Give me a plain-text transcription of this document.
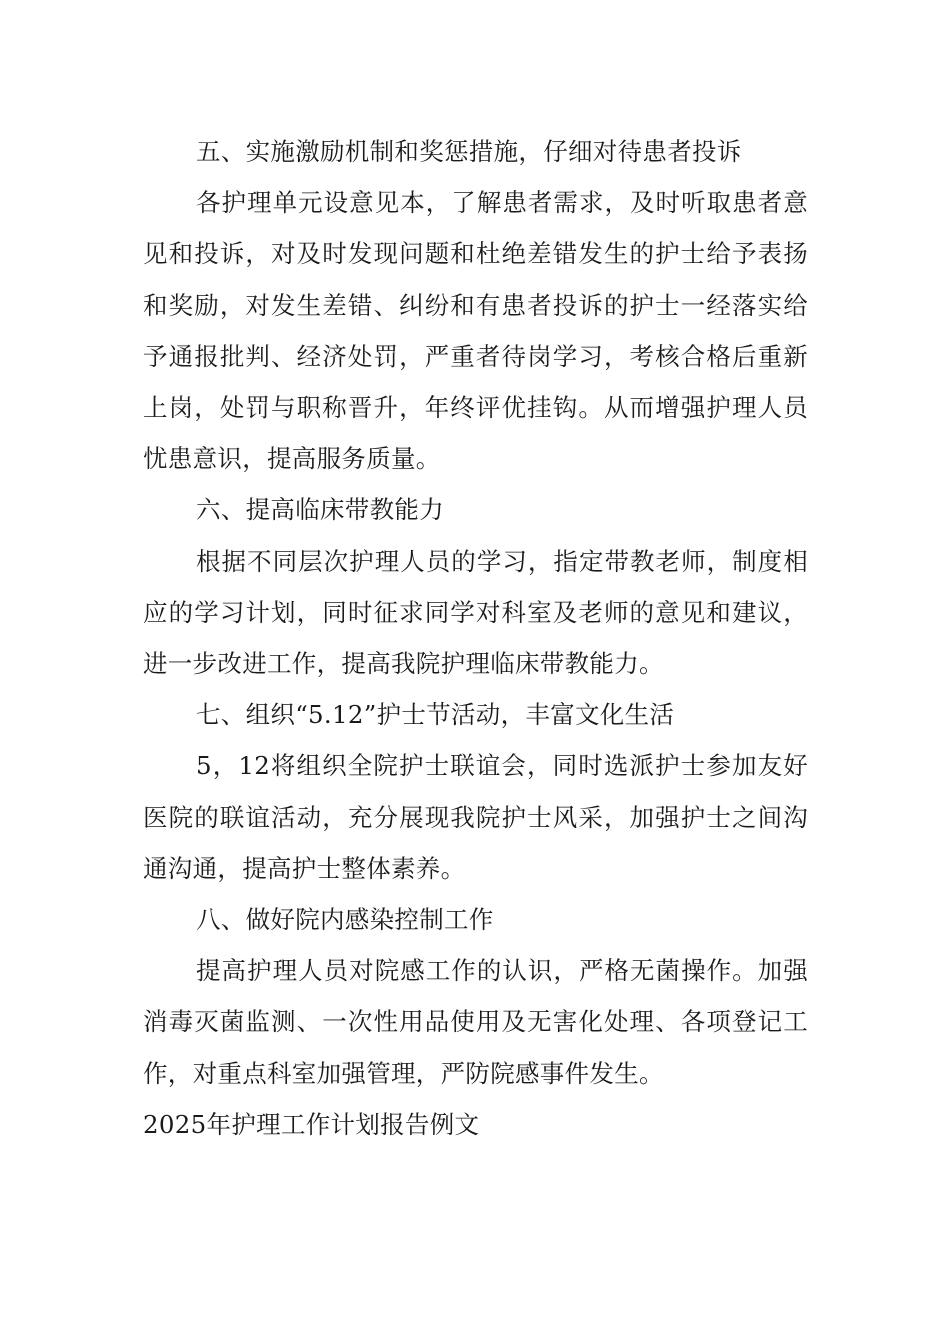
五、实施激励机制和奖惩措施，仔细对待患者投诉

各护理单元设意见本，了解患者需求，及时听取患者意见和投诉，对及时发现问题和杜绝差错发生的护士给予表扬和奖励，对发生差错、纠纷和有患者投诉的护士一经落实给予通报批判、经济处罚，严重者待岗学习，考核合格后重新上岗，处罚与职称晋升，年终评优挂钩。从而增强护理人员忧患意识，提高服务质量。

六、提高临床带教能力

根据不同层次护理人员的学习，指定带教老师，制度相应的学习计划，同时征求同学对科室及老师的意见和建议，进一步改进工作，提高我院护理临床带教能力。

七、组织“5.12”护士节活动，丰富文化生活

5，12将组织全院护士联谊会，同时选派护士参加友好医院的联谊活动，充分展现我院护士风采，加强护士之间沟通沟通，提高护士整体素养。

八、做好院内感染控制工作

提高护理人员对院感工作的认识，严格无菌操作。加强消毒灭菌监测、一次性用品使用及无害化处理、各项登记工作，对重点科室加强管理，严防院感事件发生。

2025年护理工作计划报告例文
